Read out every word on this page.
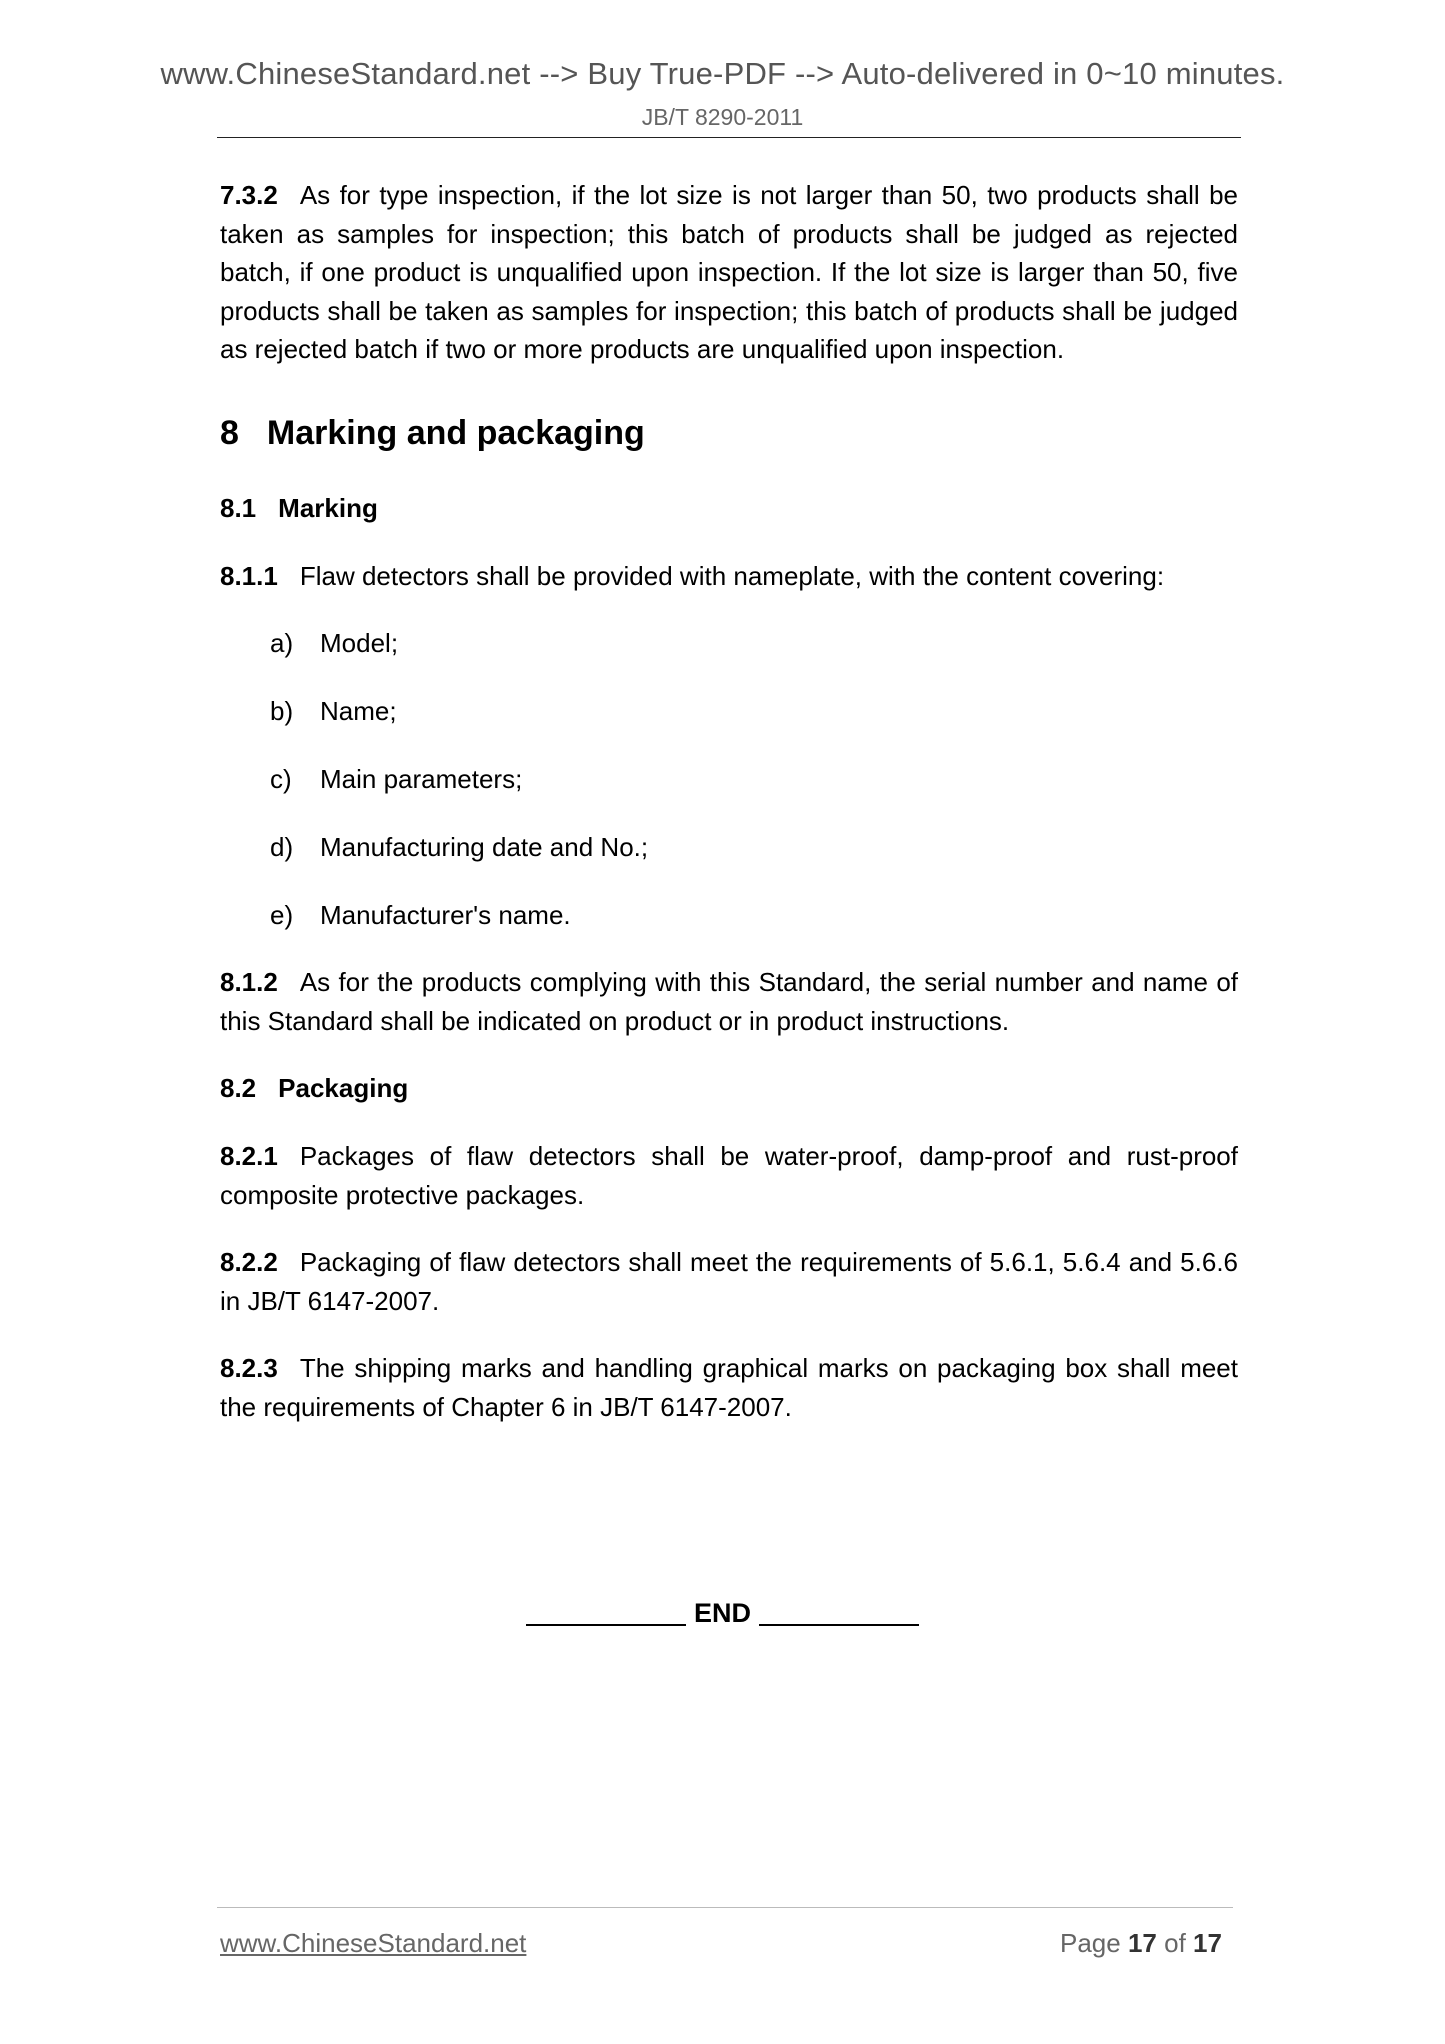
www.ChineseStandard.net --> Buy True-PDF --> Auto-delivered in 0~10 minutes.
JB/T 8290-2011

7.3.2 As for type inspection, if the lot size is not larger than 50, two products shall be taken as samples for inspection; this batch of products shall be judged as rejected batch, if one product is unqualified upon inspection. If the lot size is larger than 50, five products shall be taken as samples for inspection; this batch of products shall be judged as rejected batch if two or more products are unqualified upon inspection.

8 Marking and packaging

8.1 Marking

8.1.1 Flaw detectors shall be provided with nameplate, with the content covering:

a) Model;

b) Name;

c) Main parameters;

d) Manufacturing date and No.;

e) Manufacturer's name.

8.1.2 As for the products complying with this Standard, the serial number and name of this Standard shall be indicated on product or in product instructions.

8.2 Packaging

8.2.1 Packages of flaw detectors shall be water-proof, damp-proof and rust-proof composite protective packages.

8.2.2 Packaging of flaw detectors shall meet the requirements of 5.6.1, 5.6.4 and 5.6.6 in JB/T 6147-2007.

8.2.3 The shipping marks and handling graphical marks on packaging box shall meet the requirements of Chapter 6 in JB/T 6147-2007.

END
www.ChineseStandard.net	Page 17 of 17
